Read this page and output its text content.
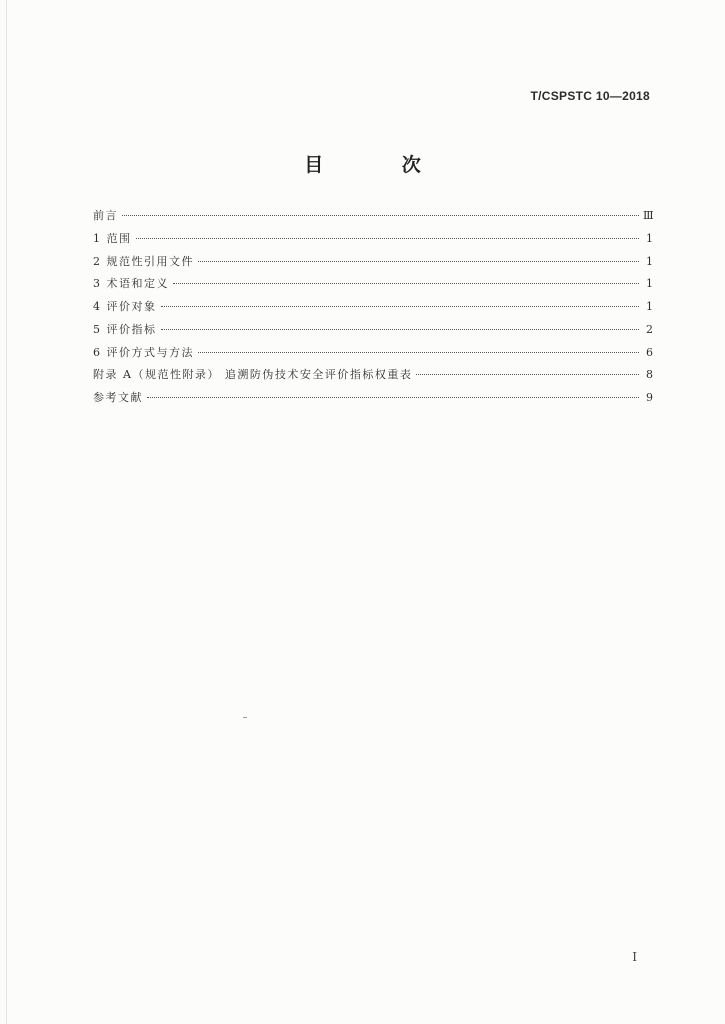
T/CSPSTC 10—2018
目 次
前言	Ⅲ
1 范围	1
2 规范性引用文件	1
3 术语和定义	1
4 评价对象	1
5 评价指标	2
6 评价方式与方法	6
附录 A（规范性附录） 追溯防伪技术安全评价指标权重表	8
参考文献	9
Ⅰ
